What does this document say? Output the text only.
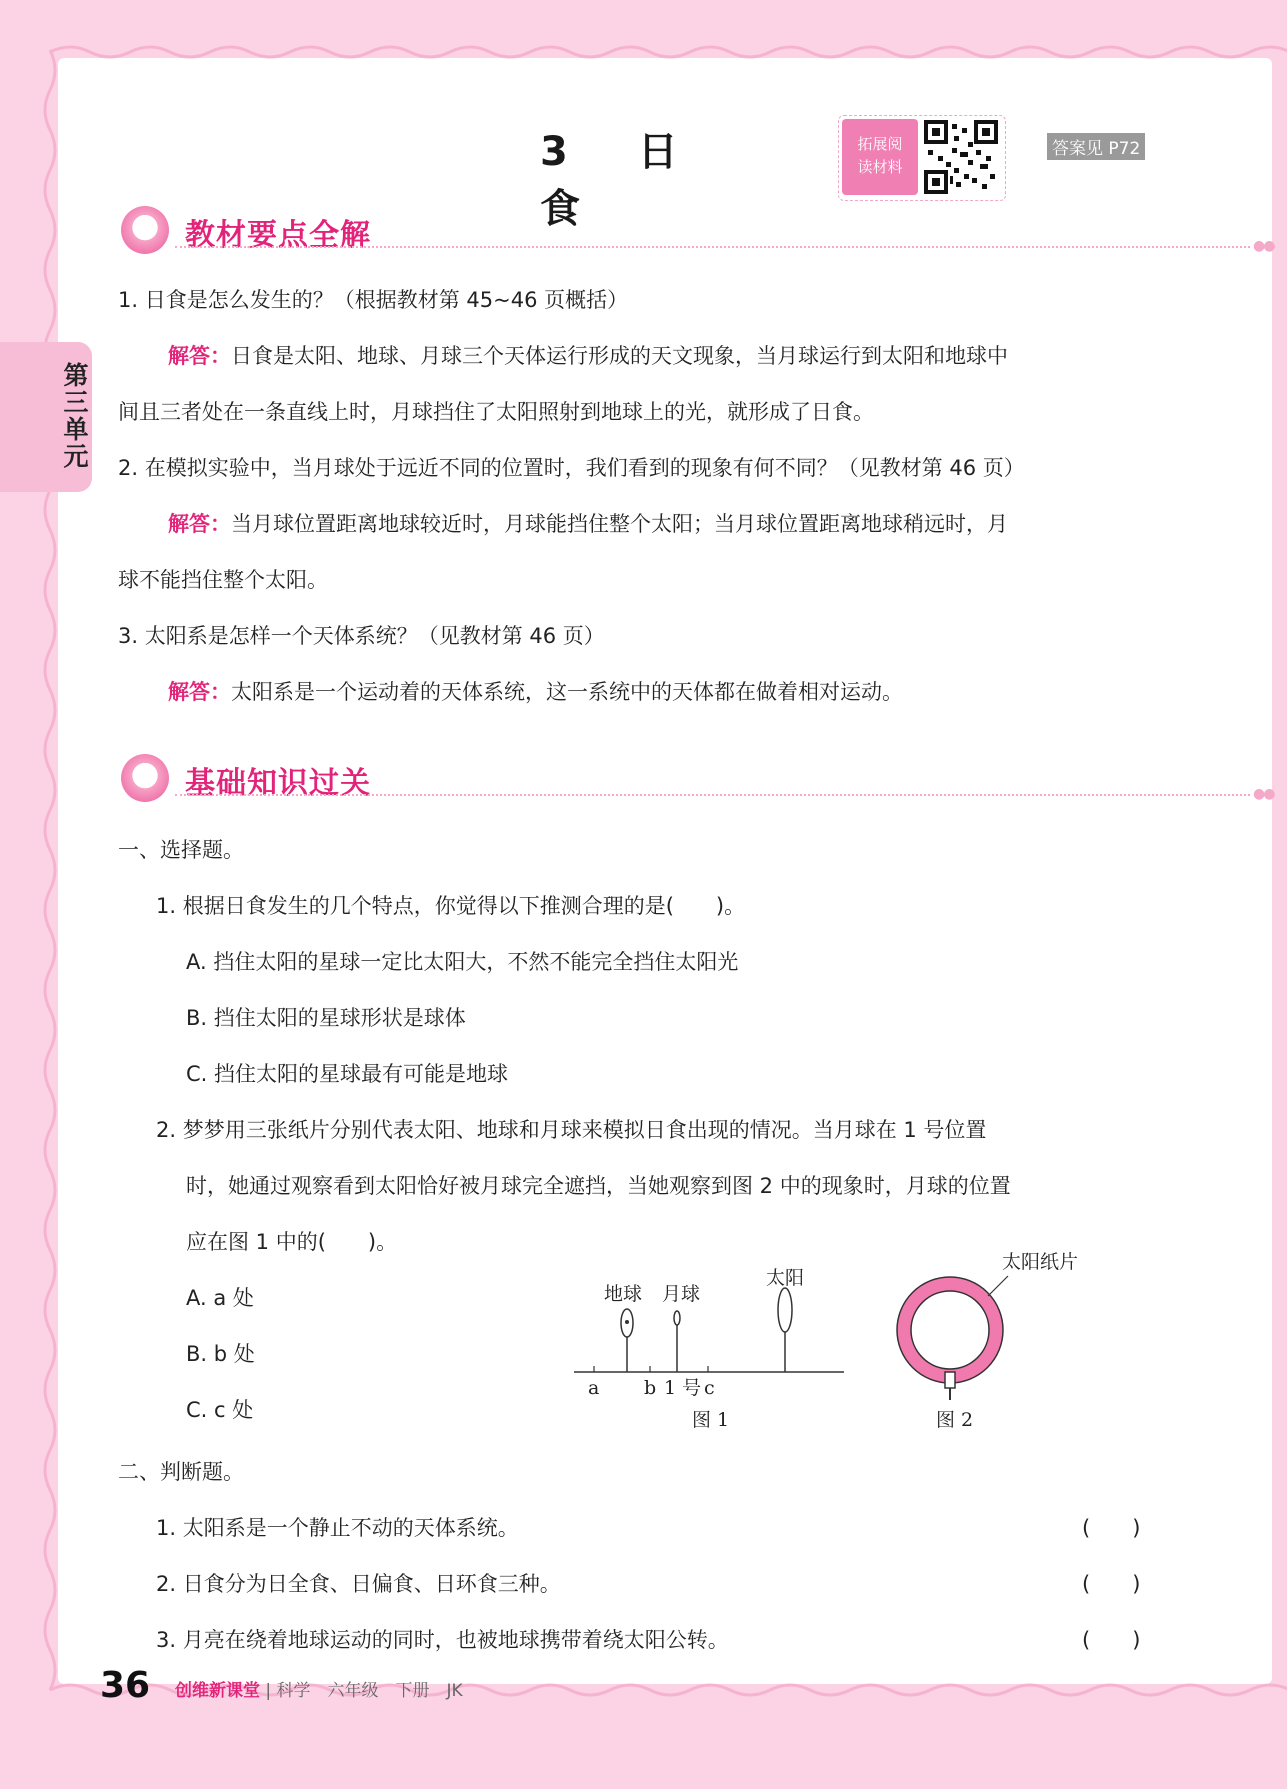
第三单元
3 日食
拓展阅读材料
答案见 P72
教材要点全解	●●
1. 日食是怎么发生的？（根据教材第 45~46 页概括）
解答：日食是太阳、地球、月球三个天体运行形成的天文现象，当月球运行到太阳和地球中
间且三者处在一条直线上时，月球挡住了太阳照射到地球上的光，就形成了日食。
2. 在模拟实验中，当月球处于远近不同的位置时，我们看到的现象有何不同？（见教材第 46 页）
解答：当月球位置距离地球较近时，月球能挡住整个太阳；当月球位置距离地球稍远时，月
球不能挡住整个太阳。
3. 太阳系是怎样一个天体系统？（见教材第 46 页）
解答：太阳系是一个运动着的天体系统，这一系统中的天体都在做着相对运动。
基础知识过关	●●
一、选择题。
1. 根据日食发生的几个特点，你觉得以下推测合理的是(　　)。
A. 挡住太阳的星球一定比太阳大，不然不能完全挡住太阳光
B. 挡住太阳的星球形状是球体
C. 挡住太阳的星球最有可能是地球
2. 梦梦用三张纸片分别代表太阳、地球和月球来模拟日食出现的情况。当月球在 1 号位置
时，她通过观察看到太阳恰好被月球完全遮挡，当她观察到图 2 中的现象时，月球的位置
应在图 1 中的(　　)。
A. a 处
B. b 处
C. c 处
地球 月球
太阳
a b 1 号 c
图 1
太阳纸片
图 2
二、判断题。
1. 太阳系是一个静止不动的天体系统。	(　　)
2. 日食分为日全食、日偏食、日环食三种。	(　　)
3. 月亮在绕着地球运动的同时，也被地球携带着绕太阳公转。	(　　)
36 创维新课堂 | 科学　六年级　下册　JK
